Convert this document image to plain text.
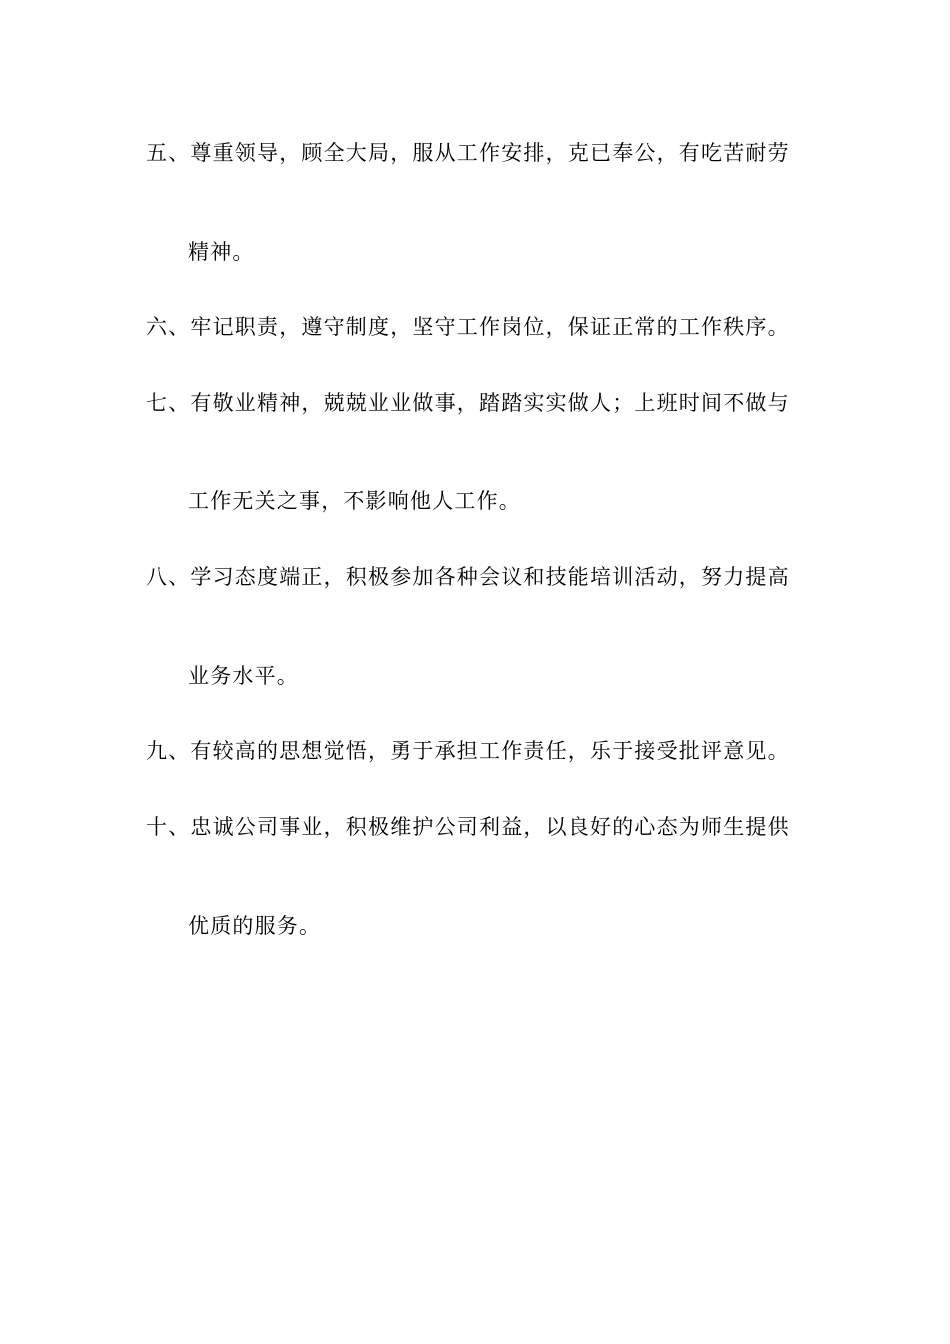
五、尊重领导，顾全大局，服从工作安排，克已奉公，有吃苦耐劳
精神。
六、牢记职责，遵守制度，坚守工作岗位，保证正常的工作秩序。
七、有敬业精神，兢兢业业做事，踏踏实实做人；上班时间不做与
工作无关之事，不影响他人工作。
八、学习态度端正，积极参加各种会议和技能培训活动，努力提高
业务水平。
九、有较高的思想觉悟，勇于承担工作责任，乐于接受批评意见。
十、忠诚公司事业，积极维护公司利益，以良好的心态为师生提供
优质的服务。
